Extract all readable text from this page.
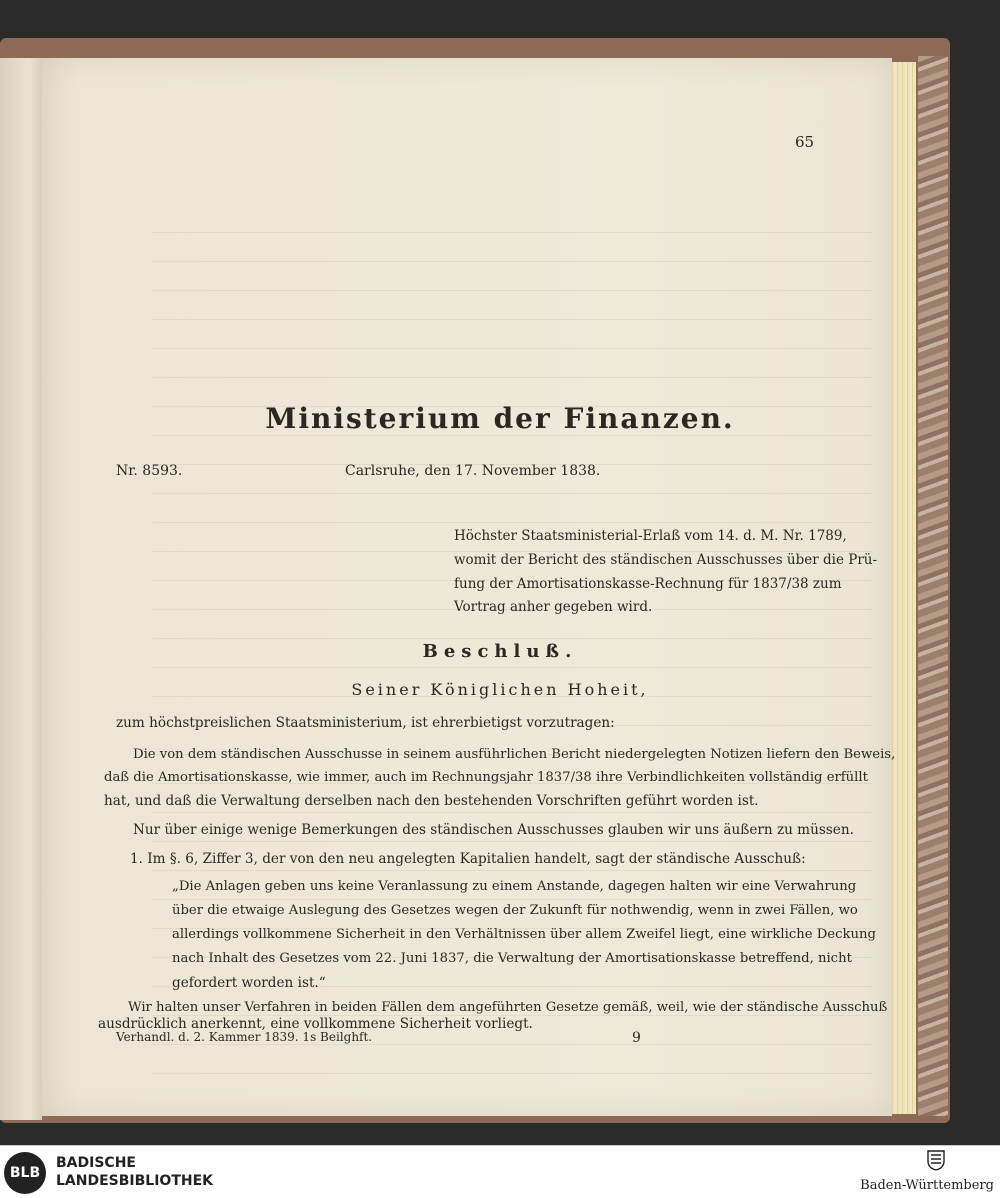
65
Ministerium der Finanzen.
Nr. 8593.	Carlsruhe, den 17. November 1838.
Höchster Staatsministerial-Erlaß vom 14. d. M. Nr. 1789,
womit der Bericht des ständischen Ausschusses über die Prü-
fung der Amortisationskasse-Rechnung für 1837/38 zum
Vortrag anher gegeben wird.
Beschluß.
Seiner Königlichen Hoheit,
zum höchstpreislichen Staatsministerium, ist ehrerbietigst vorzutragen:
Die von dem ständischen Ausschusse in seinem ausführlichen Bericht niedergelegten Notizen liefern den Beweis,
daß die Amortisationskasse, wie immer, auch im Rechnungsjahr 1837/38 ihre Verbindlichkeiten vollständig erfüllt
hat, und daß die Verwaltung derselben nach den bestehenden Vorschriften geführt worden ist.
Nur über einige wenige Bemerkungen des ständischen Ausschusses glauben wir uns äußern zu müssen.
1. Im §. 6, Ziffer 3, der von den neu angelegten Kapitalien handelt, sagt der ständische Ausschuß:
„Die Anlagen geben uns keine Veranlassung zu einem Anstande, dagegen halten wir eine Verwahrung
über die etwaige Auslegung des Gesetzes wegen der Zukunft für nothwendig, wenn in zwei Fällen, wo
allerdings vollkommene Sicherheit in den Verhältnissen über allem Zweifel liegt, eine wirkliche Deckung
nach Inhalt des Gesetzes vom 22. Juni 1837, die Verwaltung der Amortisationskasse betreffend, nicht
gefordert worden ist.“
Wir halten unser Verfahren in beiden Fällen dem angeführten Gesetze gemäß, weil, wie der ständische Ausschuß
ausdrücklich anerkennt, eine vollkommene Sicherheit vorliegt.
Verhandl. d. 2. Kammer 1839. 1s Beilghft.	9
BLB
BADISCHE
LANDESBIBLIOTHEK	Baden-Württemberg
